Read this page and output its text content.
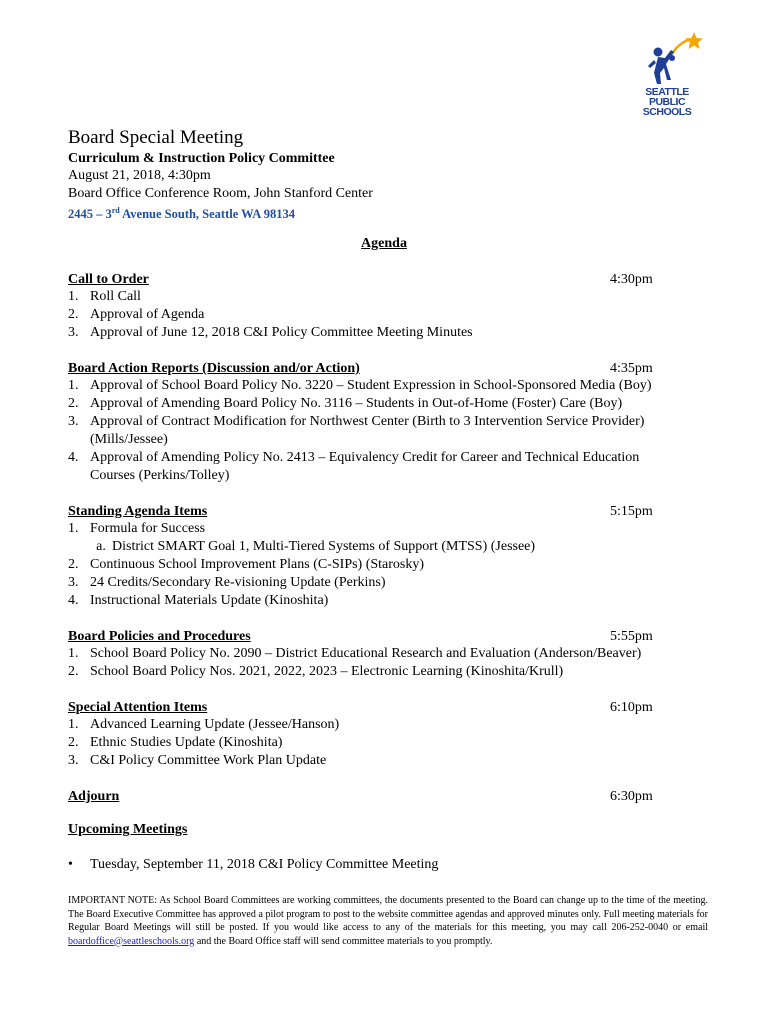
SEATTLE
PUBLIC
SCHOOLS
Board Special Meeting
Curriculum & Instruction Policy Committee
August 21, 2018, 4:30pm
Board Office Conference Room, John Stanford Center
2445 – 3rd Avenue South, Seattle WA 98134
Agenda
Call to Order	4:30pm
1. Roll Call
2. Approval of Agenda
3. Approval of June 12, 2018 C&I Policy Committee Meeting Minutes
Board Action Reports (Discussion and/or Action)	4:35pm
1. Approval of School Board Policy No. 3220 – Student Expression in School-Sponsored Media (Boy)
2. Approval of Amending Board Policy No. 3116 – Students in Out-of-Home (Foster) Care (Boy)
3. Approval of Contract Modification for Northwest Center (Birth to 3 Intervention Service Provider)
(Mills/Jessee)
4. Approval of Amending Policy No. 2413 – Equivalency Credit for Career and Technical Education
Courses (Perkins/Tolley)
Standing Agenda Items	5:15pm
1. Formula for Success
a. District SMART Goal 1, Multi-Tiered Systems of Support (MTSS) (Jessee)
2. Continuous School Improvement Plans (C-SIPs) (Starosky)
3. 24 Credits/Secondary Re-visioning Update (Perkins)
4. Instructional Materials Update (Kinoshita)
Board Policies and Procedures	5:55pm
1. School Board Policy No. 2090 – District Educational Research and Evaluation (Anderson/Beaver)
2. School Board Policy Nos. 2021, 2022, 2023 – Electronic Learning (Kinoshita/Krull)
Special Attention Items	6:10pm
1. Advanced Learning Update (Jessee/Hanson)
2. Ethnic Studies Update (Kinoshita)
3. C&I Policy Committee Work Plan Update
Adjourn	6:30pm
Upcoming Meetings
• Tuesday, September 11, 2018 C&I Policy Committee Meeting
IMPORTANT NOTE: As School Board Committees are working committees, the documents presented to the Board can change up to the time of the meeting. The Board Executive Committee has approved a pilot program to post to the website committee agendas and approved minutes only. Full meeting materials for Regular Board Meetings will still be posted. If you would like access to any of the materials for this meeting, you may call 206-252-0040 or email boardoffice@seattleschools.org and the Board Office staff will send committee materials to you promptly.
